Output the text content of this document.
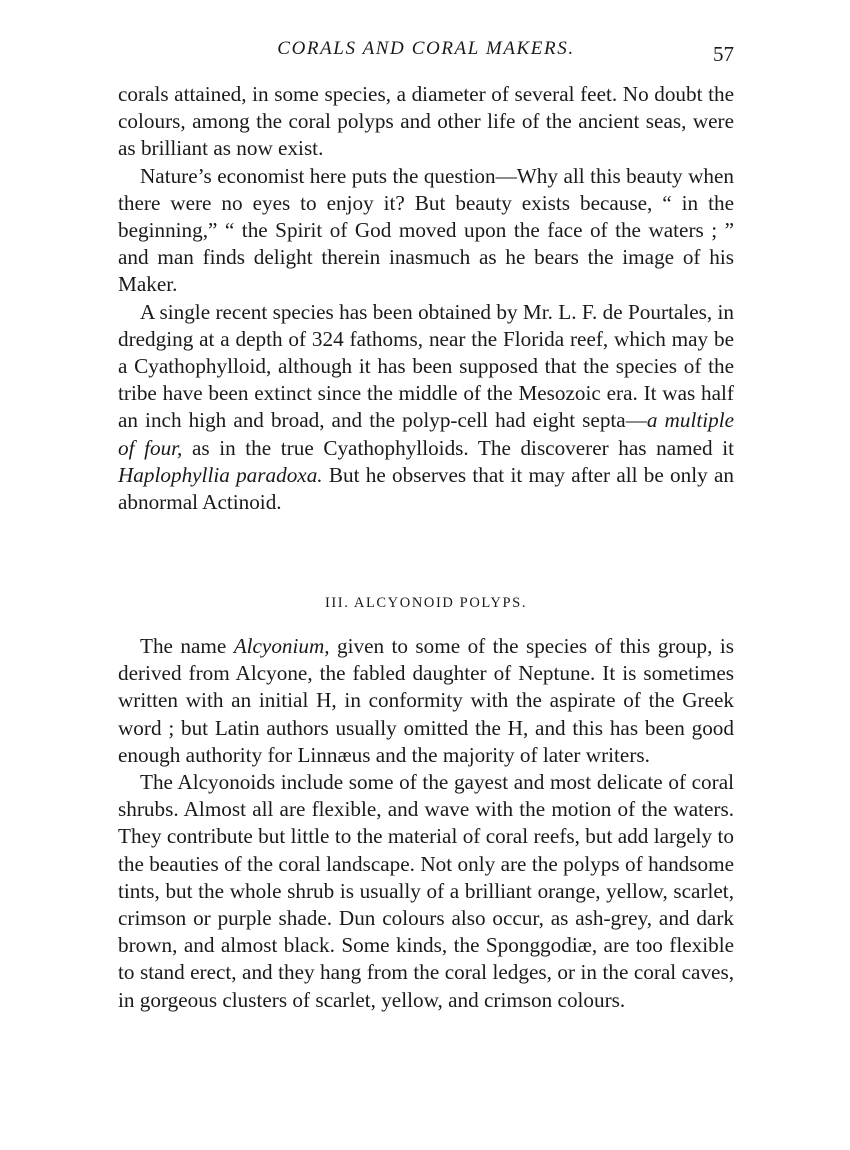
CORALS AND CORAL MAKERS.	57

corals attained, in some species, a diameter of several feet. No doubt the colours, among the coral polyps and other life of the ancient seas, were as brilliant as now exist.

Nature’s economist here puts the question—Why all this beauty when there were no eyes to enjoy it? But beauty exists because, “ in the beginning,” “ the Spirit of God moved upon the face of the waters ; ” and man finds delight therein inasmuch as he bears the image of his Maker.

A single recent species has been obtained by Mr. L. F. de Pourtales, in dredging at a depth of 324 fathoms, near the Florida reef, which may be a Cyathophylloid, although it has been supposed that the species of the tribe have been extinct since the middle of the Mesozoic era. It was half an inch high and broad, and the polyp-cell had eight septa—a multiple of four, as in the true Cyathophylloids. The discoverer has named it Haplophyllia paradoxa. But he observes that it may after all be only an abnormal Actinoid.

III. ALCYONOID POLYPS.

The name Alcyonium, given to some of the species of this group, is derived from Alcyone, the fabled daughter of Neptune. It is sometimes written with an initial H, in conformity with the aspirate of the Greek word ; but Latin authors usually omitted the H, and this has been good enough authority for Linnæus and the majority of later writers.

The Alcyonoids include some of the gayest and most delicate of coral shrubs. Almost all are flexible, and wave with the motion of the waters. They contribute but little to the material of coral reefs, but add largely to the beauties of the coral landscape. Not only are the polyps of handsome tints, but the whole shrub is usually of a brilliant orange, yellow, scarlet, crimson or purple shade. Dun colours also occur, as ash-grey, and dark brown, and almost black. Some kinds, the Sponggodiæ, are too flexible to stand erect, and they hang from the coral ledges, or in the coral caves, in gorgeous clusters of scarlet, yellow, and crimson colours.
